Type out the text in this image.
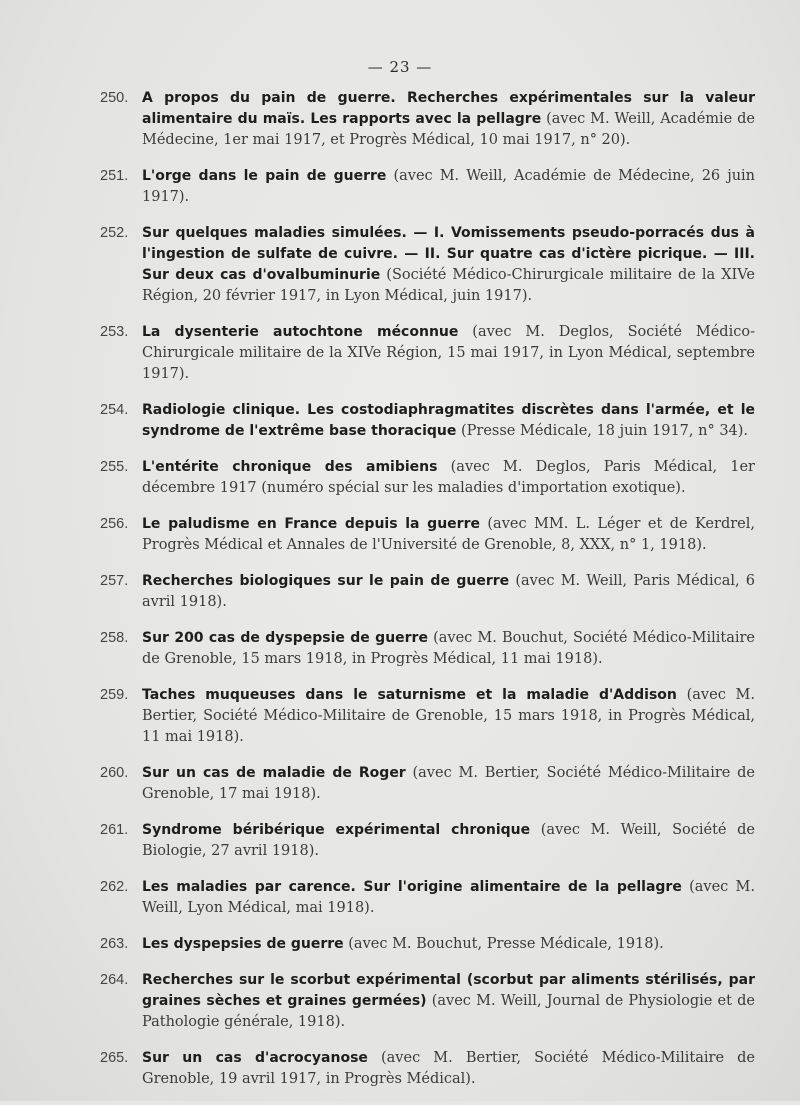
— 23 —
250. A propos du pain de guerre. Recherches expérimentales sur la valeur alimentaire du maïs. Les rapports avec la pellagre (avec M. Weill, Académie de Médecine, 1er mai 1917, et Progrès Médical, 10 mai 1917, n° 20).
251. L'orge dans le pain de guerre (avec M. Weill, Académie de Médecine, 26 juin 1917).
252. Sur quelques maladies simulées. — I. Vomissements pseudo-porracés dus à l'ingestion de sulfate de cuivre. — II. Sur quatre cas d'ictère picrique. — III. Sur deux cas d'ovalbuminurie (Société Médico-Chirurgicale militaire de la XIVe Région, 20 février 1917, in Lyon Médical, juin 1917).
253. La dysenterie autochtone méconnue (avec M. Deglos, Société Médico-Chirurgicale militaire de la XIVe Région, 15 mai 1917, in Lyon Médical, septembre 1917).
254. Radiologie clinique. Les costodiaphragmatites discrètes dans l'armée, et le syndrome de l'extrême base thoracique (Presse Médicale, 18 juin 1917, n° 34).
255. L'entérite chronique des amibiens (avec M. Deglos, Paris Médical, 1er décembre 1917 (numéro spécial sur les maladies d'importation exotique).
256. Le paludisme en France depuis la guerre (avec MM. L. Léger et de Kerdrel, Progrès Médical et Annales de l'Université de Grenoble, 8, XXX, n° 1, 1918).
257. Recherches biologiques sur le pain de guerre (avec M. Weill, Paris Médical, 6 avril 1918).
258. Sur 200 cas de dyspepsie de guerre (avec M. Bouchut, Société Médico-Militaire de Grenoble, 15 mars 1918, in Progrès Médical, 11 mai 1918).
259. Taches muqueuses dans le saturnisme et la maladie d'Addison (avec M. Bertier, Société Médico-Militaire de Grenoble, 15 mars 1918, in Progrès Médical, 11 mai 1918).
260. Sur un cas de maladie de Roger (avec M. Bertier, Société Médico-Militaire de Grenoble, 17 mai 1918).
261. Syndrome béribérique expérimental chronique (avec M. Weill, Société de Biologie, 27 avril 1918).
262. Les maladies par carence. Sur l'origine alimentaire de la pellagre (avec M. Weill, Lyon Médical, mai 1918).
263. Les dyspepsies de guerre (avec M. Bouchut, Presse Médicale, 1918).
264. Recherches sur le scorbut expérimental (scorbut par aliments stérilisés, par graines sèches et graines germées) (avec M. Weill, Journal de Physiologie et de Pathologie générale, 1918).
265. Sur un cas d'acrocyanose (avec M. Bertier, Société Médico-Militaire de Grenoble, 19 avril 1917, in Progrès Médical).
